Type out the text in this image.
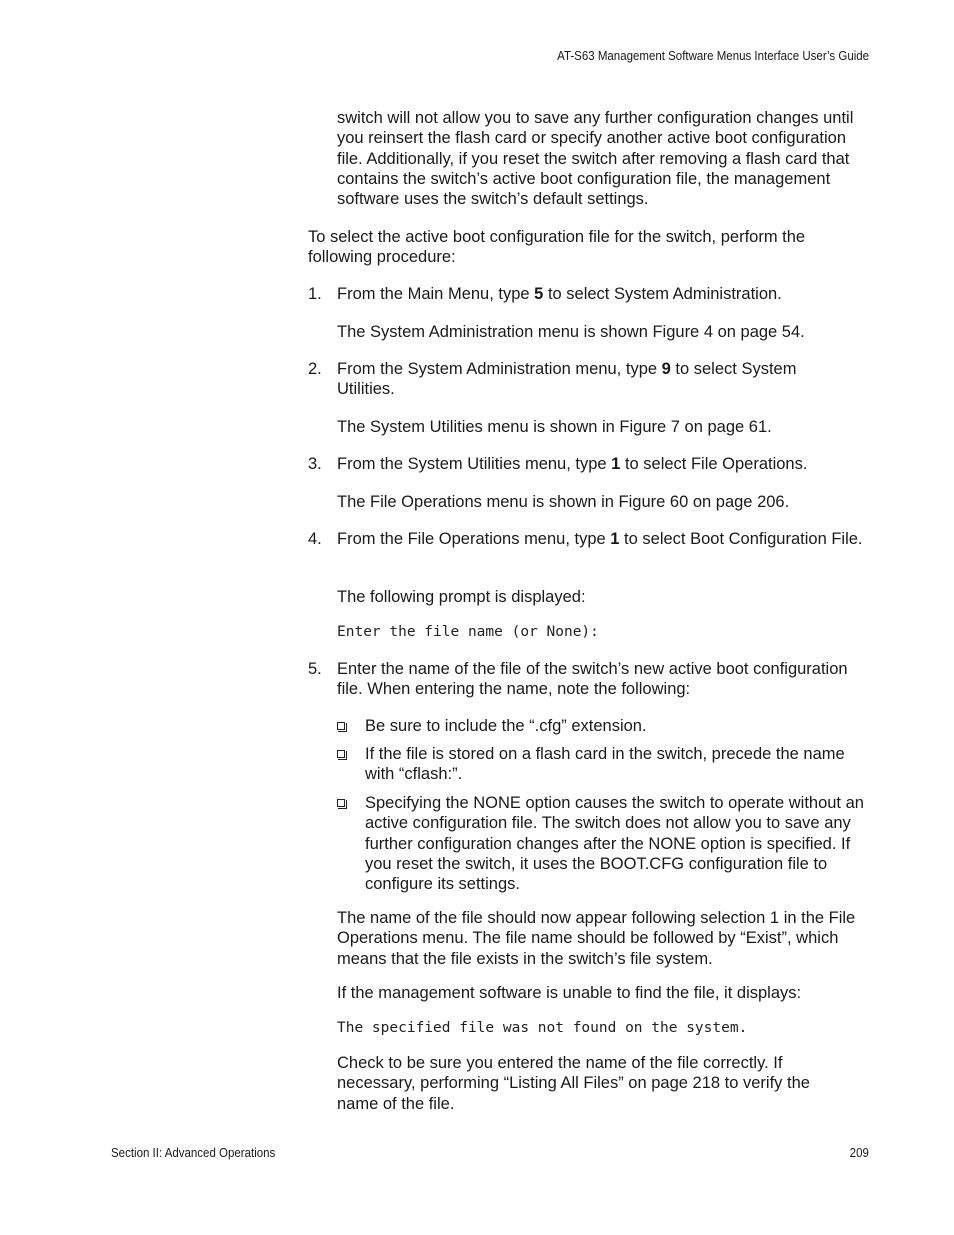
AT-S63 Management Software Menus Interface User’s Guide

switch will not allow you to save any further configuration changes until you reinsert the flash card or specify another active boot configuration file. Additionally, if you reset the switch after removing a flash card that contains the switch’s active boot configuration file, the management software uses the switch’s default settings.

To select the active boot configuration file for the switch, perform the following procedure:

1. From the Main Menu, type 5 to select System Administration.

The System Administration menu is shown Figure 4 on page 54.

2. From the System Administration menu, type 9 to select System Utilities.

The System Utilities menu is shown in Figure 7 on page 61.

3. From the System Utilities menu, type 1 to select File Operations.

The File Operations menu is shown in Figure 60 on page 206.

4. From the File Operations menu, type 1 to select Boot Configuration File.

The following prompt is displayed:

Enter the file name (or None):
5. Enter the name of the file of the switch’s new active boot configuration file. When entering the name, note the following:

Be sure to include the “.cfg” extension.

If the file is stored on a flash card in the switch, precede the name with “cflash:”.

Specifying the NONE option causes the switch to operate without an active configuration file. The switch does not allow you to save any further configuration changes after the NONE option is specified. If you reset the switch, it uses the BOOT.CFG configuration file to configure its settings.

The name of the file should now appear following selection 1 in the File Operations menu. The file name should be followed by “Exist”, which means that the file exists in the switch’s file system.

If the management software is unable to find the file, it displays:

The specified file was not found on the system.

Check to be sure you entered the name of the file correctly. If necessary, performing “Listing All Files” on page 218 to verify the name of the file.

Section II: Advanced Operations	209
